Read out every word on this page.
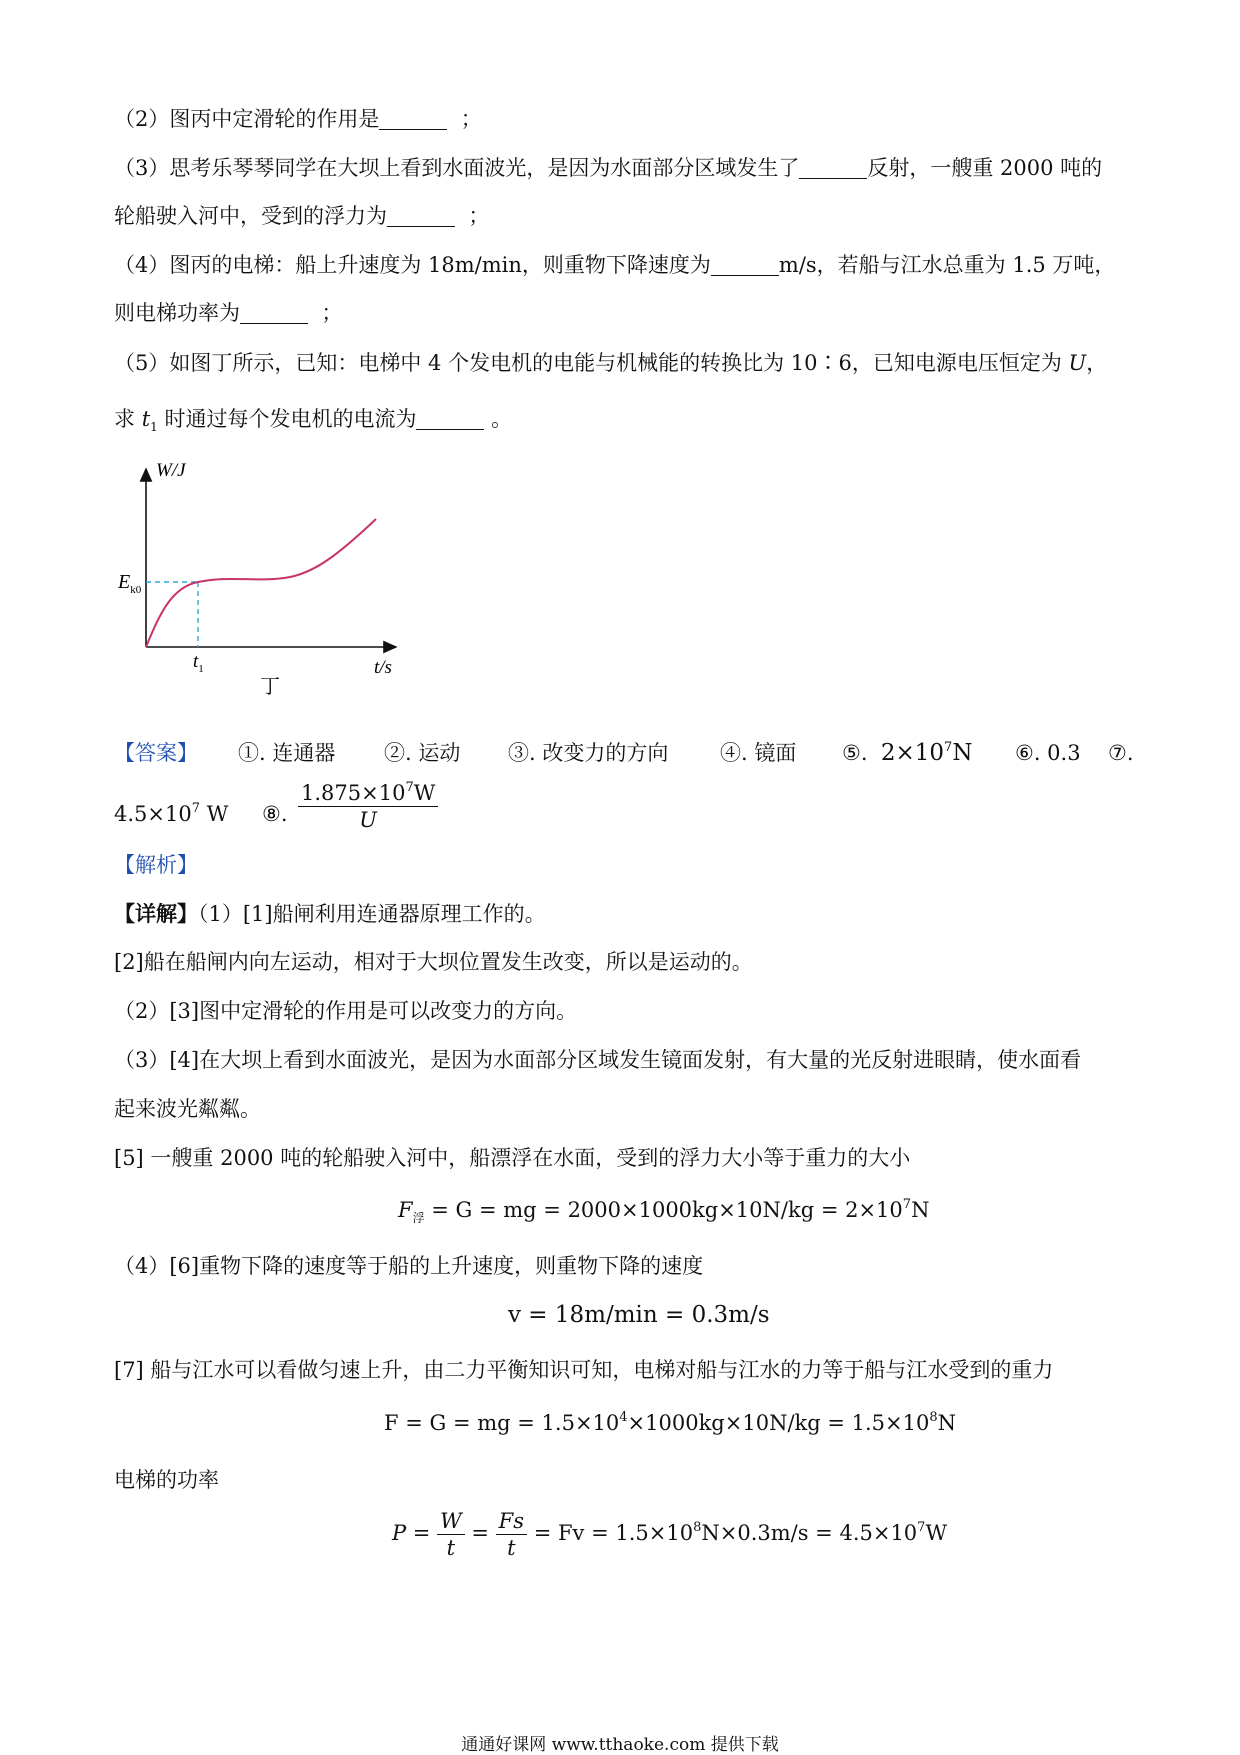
（2）图丙中定滑轮的作用是	；
（3）思考乐琴琴同学在大坝上看到水面波光，是因为水面部分区域发生了	反射，一艘重 2000 吨的
轮船驶入河中，受到的浮力为	；
（4）图丙的电梯：船上升速度为 18m/min，则重物下降速度为	m/s，若船与江水总重为 1.5 万吨，
则电梯功率为	；
（5）如图丁所示，已知：电梯中 4 个发电机的电能与机械能的转换比为 10∶6，已知电源电压恒定为 U，
求 $t_1$ 时通过每个发电机的电流为	。
W/J
$E_{k0}$
$t_1$	t/s
丁
【答案】 ①. 连通器 ②. 运动 ③. 改变力的方向 ④. 镜面 ⑤. $2\times 10^7N$ ⑥. 0.3 ⑦.
$4.5\times 10^7$ W ⑧. $\frac{1.875\times 10^7W}{U}$
【解析】
【详解】（1）[1]船闸利用连通器原理工作的。
[2]船在船闸内向左运动，相对于大坝位置发生改变，所以是运动的。
（2）[3]图中定滑轮的作用是可以改变力的方向。
（3）[4]在大坝上看到水面波光，是因为水面部分区域发生镜面发射，有大量的光反射进眼睛，使水面看
起来波光粼粼。
[5] 一艘重 2000 吨的轮船驶入河中，船漂浮在水面，受到的浮力大小等于重力的大小
$F_浮 = G$ = mg = $2000\times 1000kg\times 10N/kg = 2\times 10^7N$
（4）[6]重物下降的速度等于船的上升速度，则重物下降的速度
v = 18m/min = 0.3m/s
[7] 船与江水可以看做匀速上升，由二力平衡知识可知，电梯对船与江水的力等于船与江水受到的重力
F = G = mg = $1.5\times 10^4\times 1000kg\times 10N/kg = 1.5\times 10^8N$
电梯的功率
$P = \frac{W}{t} = \frac{Fs}{t} = Fv = 1.5\times 10^8N\times 0.3m/s = 4.5\times 10^7W$
通通好课网 www.tthaoke.com 提供下载
